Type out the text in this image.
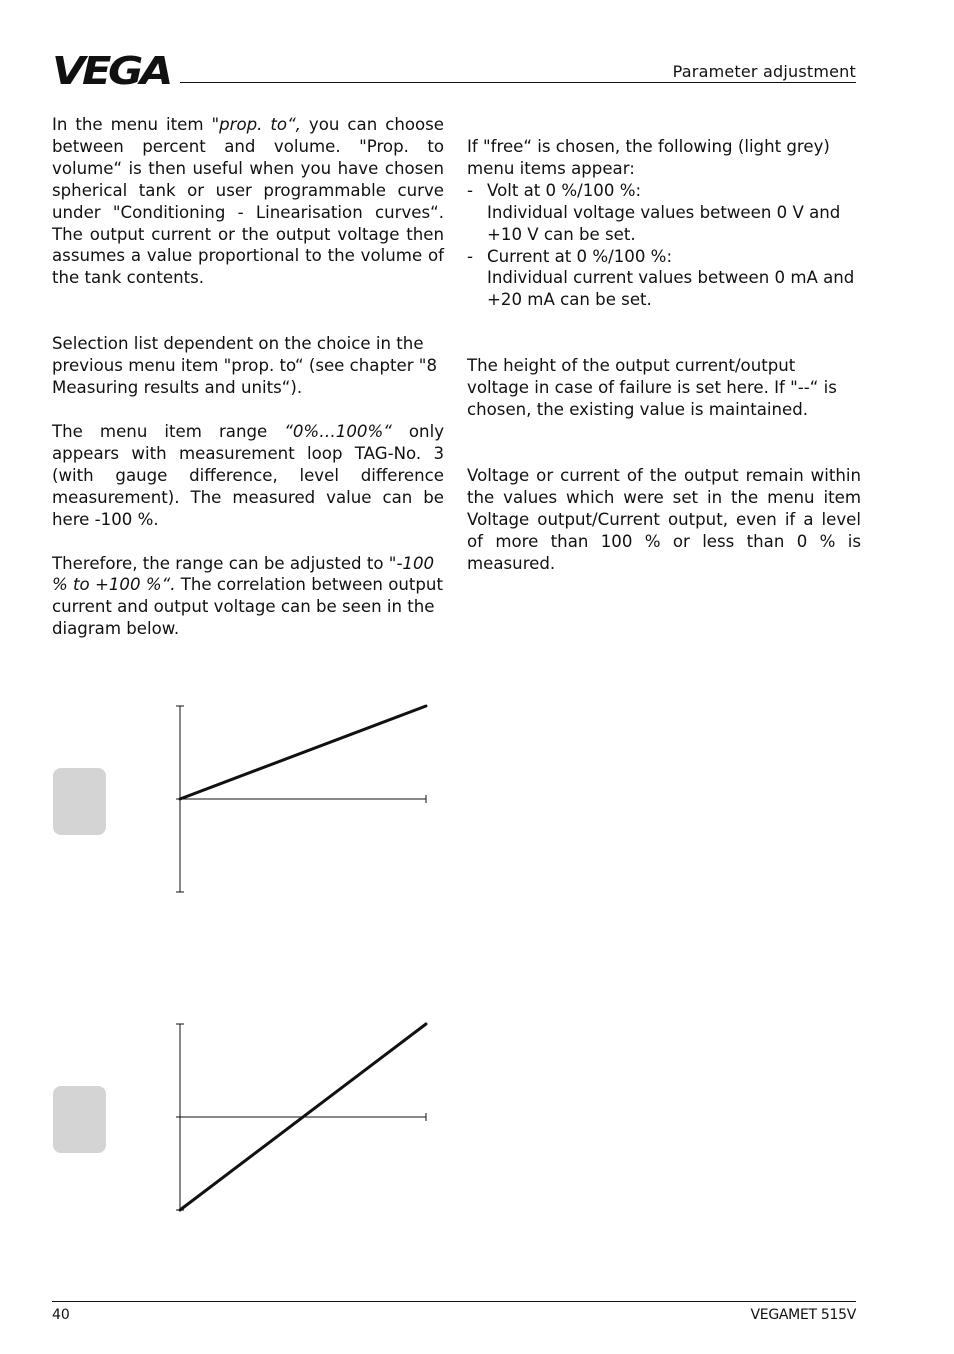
VEGA	Parameter adjustment

In the menu item "prop. to“, you can choose between percent and volume. "Prop. to volume“ is then useful when you have chosen spherical tank or user programmable curve under "Conditioning - Linearisation curves“. The output current or the output voltage then assumes a value proportional to the volume of the tank contents.

Selection list dependent on the choice in the previous menu item "prop. to“ (see chapter "8 Measuring results and units“).

The menu item range “0%…100%“ only appears with measurement loop TAG-No. 3 (with gauge difference, level difference measurement). The measured value can be here -100 %.

Therefore, the range can be adjusted to "-100 % to +100 %“. The correlation between output current and output voltage can be seen in the diagram below.

If "free“ is chosen, the following (light grey) menu items appear:

- Volt at 0 %/100 %:
Individual voltage values between 0 V and +10 V can be set.
- Current at 0 %/100 %:
Individual current values between 0 mA and +20 mA can be set.

The height of the output current/output voltage in case of failure is set here. If "--“ is chosen, the existing value is maintained.

Voltage or current of the output remain within the values which were set in the menu item Voltage output/Current output, even if a level of more than 100 % or less than 0 % is measured.

40	VEGAMET 515V
